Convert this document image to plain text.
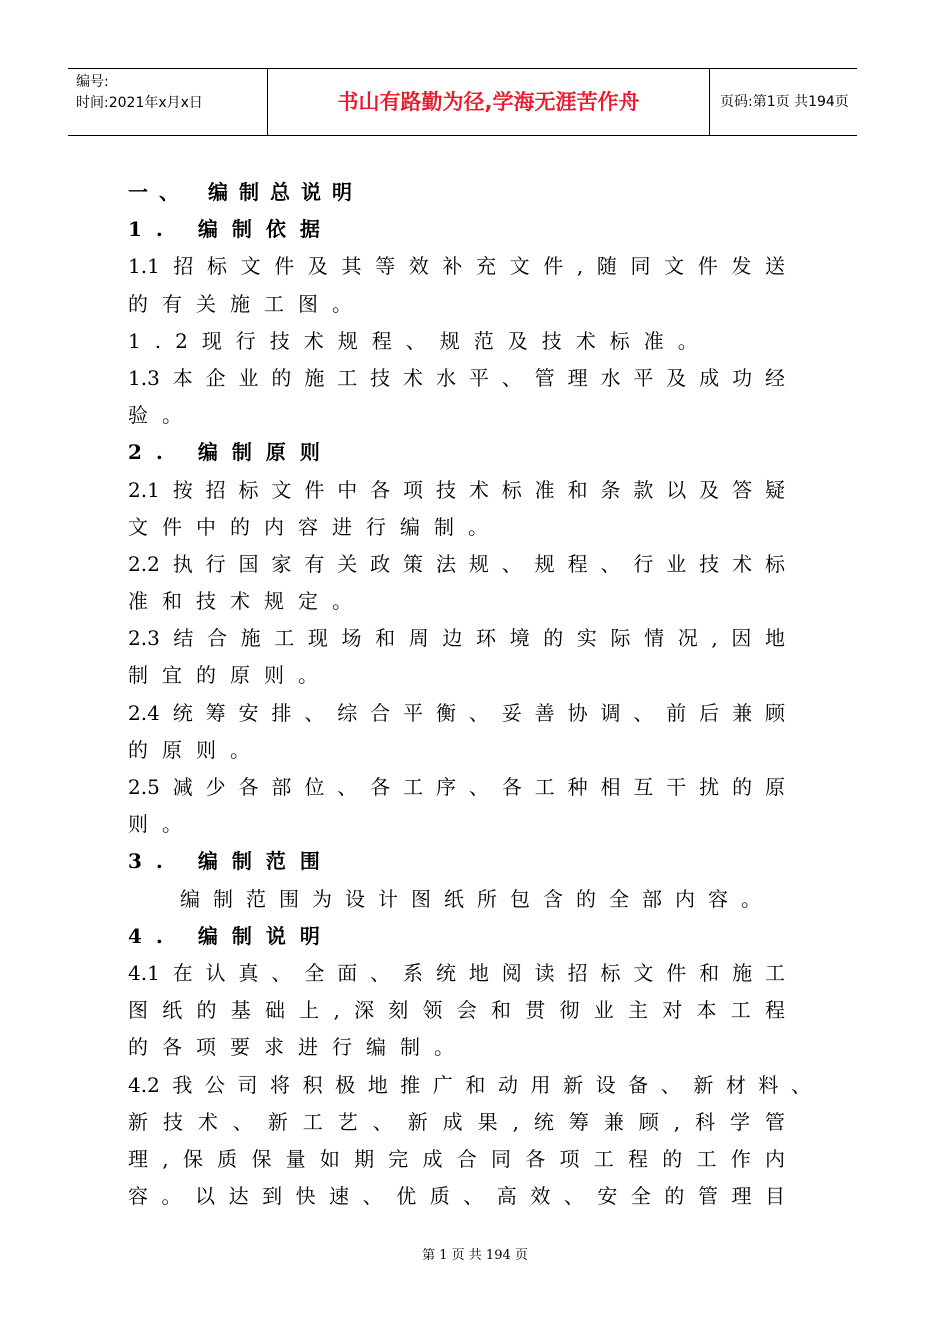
编号:
时间:2021年x月x日	书山有路勤为径,学海无涯苦作舟	页码:第1页 共194页
一、 编制总说明
1. 编制依据
1.1招标文件及其等效补充文件,随同文件发送
的有关施工图。
1.2现行技术规程、规范及技术标准。
1.3本企业的施工技术水平、管理水平及成功经
验。
2. 编制原则
2.1按招标文件中各项技术标准和条款以及答疑
文件中的内容进行编制。
2.2执行国家有关政策法规、规程、行业技术标
准和技术规定。
2.3结合施工现场和周边环境的实际情况,因地
制宜的原则。
2.4统筹安排、综合平衡、妥善协调、前后兼顾
的原则。
2.5减少各部位、各工序、各工种相互干扰的原
则。
3. 编制范围
编制范围为设计图纸所包含的全部内容。
4. 编制说明
4.1在认真、全面、系统地阅读招标文件和施工
图纸的基础上,深刻领会和贯彻业主对本工程
的各项要求进行编制。
4.2我公司将积极地推广和动用新设备、新材料、
新技术、新工艺、新成果,统筹兼顾,科学管
理,保质保量如期完成合同各项工程的工作内
容。以达到快速、优质、高效、安全的管理目
第 1 页 共 194 页
